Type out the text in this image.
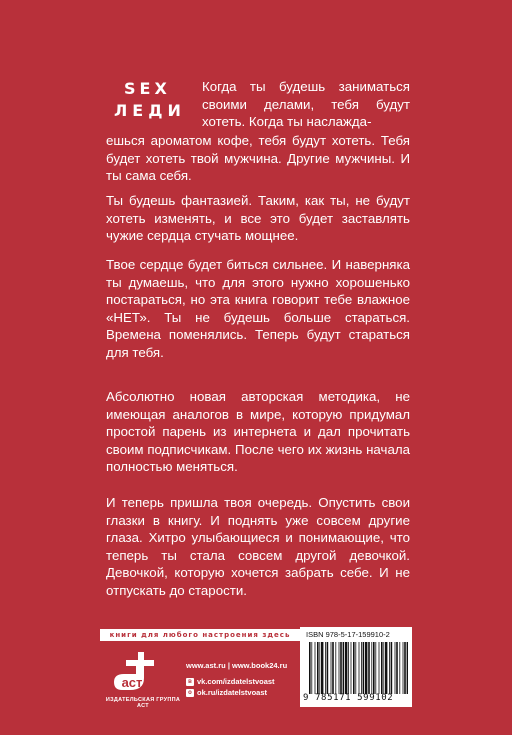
SEX
ЛЕДИ

Когда ты будешь заниматься своими делами, тебя будут хотеть. Когда ты наслажда-

ешься ароматом кофе, тебя будут хотеть. Тебя будет хотеть твой мужчина. Другие мужчины. И ты сама себя.

Ты будешь фантазией. Таким, как ты, не будут хотеть изменять, и все это будет заставлять чужие сердца стучать мощнее.

Твое сердце будет биться сильнее. И наверняка ты думаешь, что для этого нужно хорошенько постараться, но эта книга говорит тебе влажное «НЕТ». Ты не будешь больше стараться. Времена поменялись. Теперь будут стараться для тебя.

Абсолютно новая авторская методика, не имеющая аналогов в мире, которую придумал простой парень из интернета и дал прочитать своим подписчикам. После чего их жизнь начала полностью меняться.

И теперь пришла твоя очередь. Опустить свои глазки в книгу. И поднять уже совсем другие глаза. Хитро улыбающиеся и понимающие, что теперь ты стала совсем другой девочкой. Девочкой, которую хочется забрать себе. И не отпускать до старости.

книги для любого настроения здесь
аст
ИЗДАТЕЛЬСКАЯ ГРУППА АСТ
www.ast.ru | www.book24.ru
в vk.com/izdatelstvoast
о ok.ru/izdatelstvoast
ISBN 978-5-17-159910-2
9 785171 599102
